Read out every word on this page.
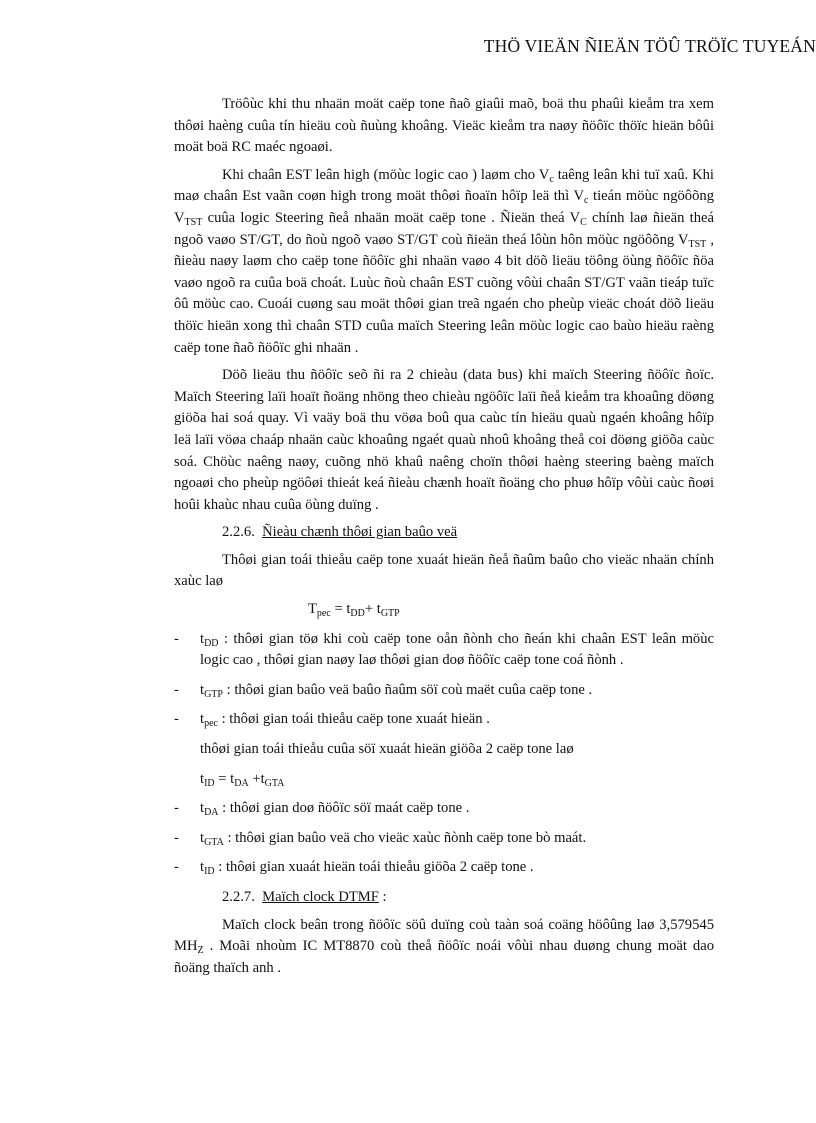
THÖ VIEÄN ÑIEÄN TÖÛ TRÖÏC TUYEÁN

Tröôùc khi thu nhaän moät caëp tone ñaõ giaûi maõ, boä thu phaûi kieåm tra xem thôøi haèng cuûa tín hieäu coù ñuùng khoâng. Vieäc kieåm tra naøy ñöôïc thöïc hieän bôûi moät boä RC maéc ngoaøi.

Khi chaân EST leân high (möùc logic cao ) laøm cho $V_c$ taêng leân khi tuï xaû. Khi maø chaân Est vaãn coøn high trong moät thôøi ñoaïn hôïp leä thì $V_c$ tieán möùc ngöôõng $V_{TST}$ cuûa logic Steering ñeå nhaän moät caëp tone . Ñieän theá $V_C$ chính laø ñieän theá ngoõ vaøo ST/GT, do ñoù ngoõ vaøo ST/GT coù ñieän theá lôùn hôn möùc ngöôõng $V_{TST}$ , ñieàu naøy laøm cho caëp tone ñöôïc ghi nhaän vaøo 4 bit döõ lieäu töông öùng ñöôïc ñöa vaøo ngoõ ra cuûa boä choát. Luùc ñoù chaân EST cuõng vôùi chaân ST/GT vaãn tieáp tuïc ôû möùc cao. Cuoái cuøng sau moät thôøi gian treã ngaén cho pheùp vieäc choát döõ lieäu thöïc hieän xong thì chaân STD cuûa maïch Steering leân möùc logic cao baùo hieäu raèng caëp tone ñaõ ñöôïc ghi nhaän .

Döõ lieäu thu ñöôïc seõ ñi ra 2 chieàu (data bus) khi maïch Steering ñöôïc ñoïc. Maïch Steering laïi hoaït ñoäng nhöng theo chieàu ngöôïc laïi ñeå kieåm tra khoaûng döøng giöõa hai soá quay. Vì vaäy boä thu vöøa boû qua caùc tín hieäu quaù ngaén khoâng hôïp leä laïi vöøa chaáp nhaän caùc khoaûng ngaét quaù nhoû khoâng theå coi döøng giöõa caùc soá. Chöùc naêng naøy, cuõng nhö khaû naêng choïn thôøi haèng steering baèng maïch ngoaøi cho pheùp ngöôøi thieát keá ñieàu chænh hoaït ñoäng cho phuø hôïp vôùi caùc ñoøi hoûi khaùc nhau cuûa öùng duïng .

2.2.6. Ñieàu chænh thôøi gian baûo veä

Thôøi gian toái thieåu caëp tone xuaát hieän ñeå ñaûm baûo cho vieäc nhaän chính xaùc laø

$T_{pec} = t_{DD}+ t_{GTP}$

- $t_{DD}$ : thôøi gian töø khi coù caëp tone oån ñònh cho ñeán khi chaân EST leân möùc logic cao , thôøi gian naøy laø thôøi gian doø ñöôïc caëp tone coá ñònh .

- $t_{GTP}$ : thôøi gian baûo veä baûo ñaûm söï coù maët cuûa caëp tone .

- $t_{pec}$ : thôøi gian toái thieåu caëp tone xuaát hieän .

thôøi gian toái thieåu cuûa söï xuaát hieän giöõa 2 caëp tone laø

$t_{ID} = t_{DA} +t_{GTA}$

- $t_{DA}$ : thôøi gian doø ñöôïc söï maát caëp tone .

- $t_{GTA}$ : thôøi gian baûo veä cho vieäc xaùc ñònh caëp tone bò maát.

- $t_{ID}$ : thôøi gian xuaát hieän toái thieåu giöõa 2 caëp tone .

2.2.7. Maïch clock DTMF :

Maïch clock beân trong ñöôïc söû duïng coù taàn soá coäng höôûng laø 3,579545 $MH_Z$ . Moãi nhoùm IC MT8870 coù theå ñöôïc noái vôùi nhau duøng chung moät dao ñoäng thaïch anh .
